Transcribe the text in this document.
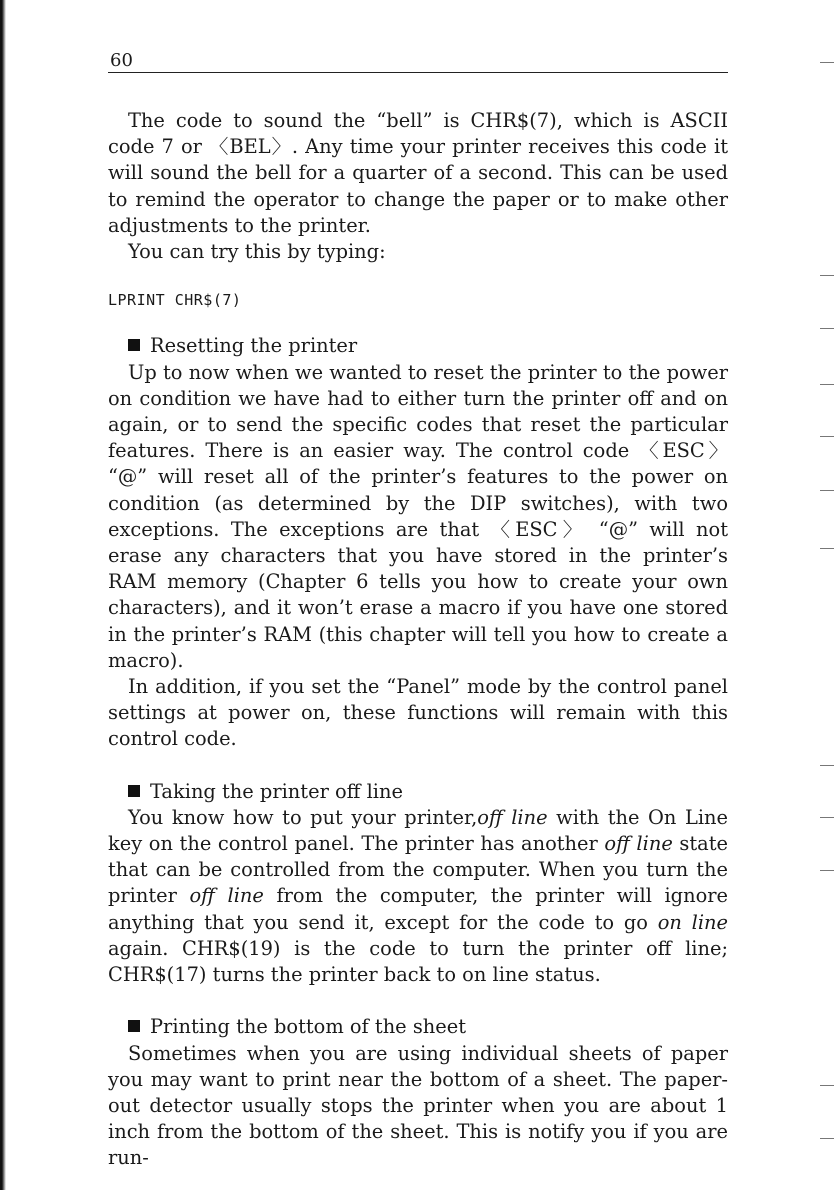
60

The code to sound the “bell” is CHR$(7), which is ASCII code 7 or 〈BEL〉. Any time your printer receives this code it will sound the bell for a quarter of a second. This can be used to remind the operator to change the paper or to make other adjustments to the printer.

You can try this by typing:

LPRINT CHR$(7)

Resetting the printer

Up to now when we wanted to reset the printer to the power on condition we have had to either turn the printer off and on again, or to send the specific codes that reset the particular features. There is an easier way. The control code 〈ESC〉 “@” will reset all of the printer’s features to the power on condition (as determined by the DIP switches), with two exceptions. The exceptions are that 〈ESC〉 “@” will not erase any characters that you have stored in the printer’s RAM memory (Chapter 6 tells you how to create your own characters), and it won’t erase a macro if you have one stored in the printer’s RAM (this chapter will tell you how to create a macro).

In addition, if you set the “Panel” mode by the control panel settings at power on, these functions will remain with this control code.

Taking the printer off line

You know how to put your printer,off line with the On Line key on the control panel. The printer has another off line state that can be controlled from the computer. When you turn the printer off line from the computer, the printer will ignore anything that you send it, except for the code to go on line again. CHR$(19) is the code to turn the printer off line; CHR$(17) turns the printer back to on line status.

Printing the bottom of the sheet

Sometimes when you are using individual sheets of paper you may want to print near the bottom of a sheet. The paper-out detector usually stops the printer when you are about 1 inch from the bottom of the sheet. This is notify you if you are run-
